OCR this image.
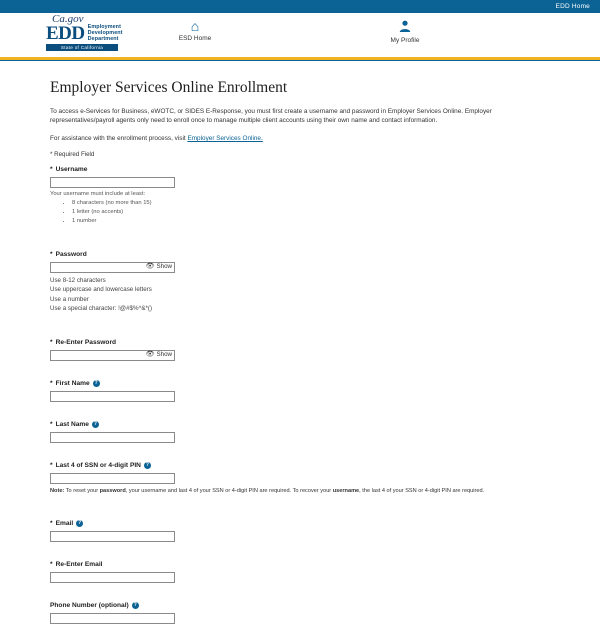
EDD Home
Ca.gov
EDD Employment
Development
Department
State of California
⌂
ESD Home	My Profile
Employer Services Online Enrollment

To access e-Services for Business, eWOTC, or SIDES E-Response, you must first create a username and password in Employer Services Online. Employer representatives/payroll agents only need to enroll once to manage multiple client accounts using their own name and contact information.

For assistance with the enrollment process, visit Employer Services Online.

* Required Field

* Username

Your username must include at least:

• 8 characters (no more than 15)
• 1 letter (no accents)
• 1 number
* Password
👁 Show
Use 8-12 characters
Use uppercase and lowercase letters
Use a number
Use a special character: !@#$%^&*()
* Re-Enter Password
👁 Show
* First Name ?
* Last Name ?
* Last 4 of SSN or 4-digit PIN ?

Note: To reset your password, your username and last 4 of your SSN or 4-digit PIN are required. To recover your username, the last 4 of your SSN or 4-digit PIN are required.

* Email ?
* Re-Enter Email
Phone Number (optional) ?
